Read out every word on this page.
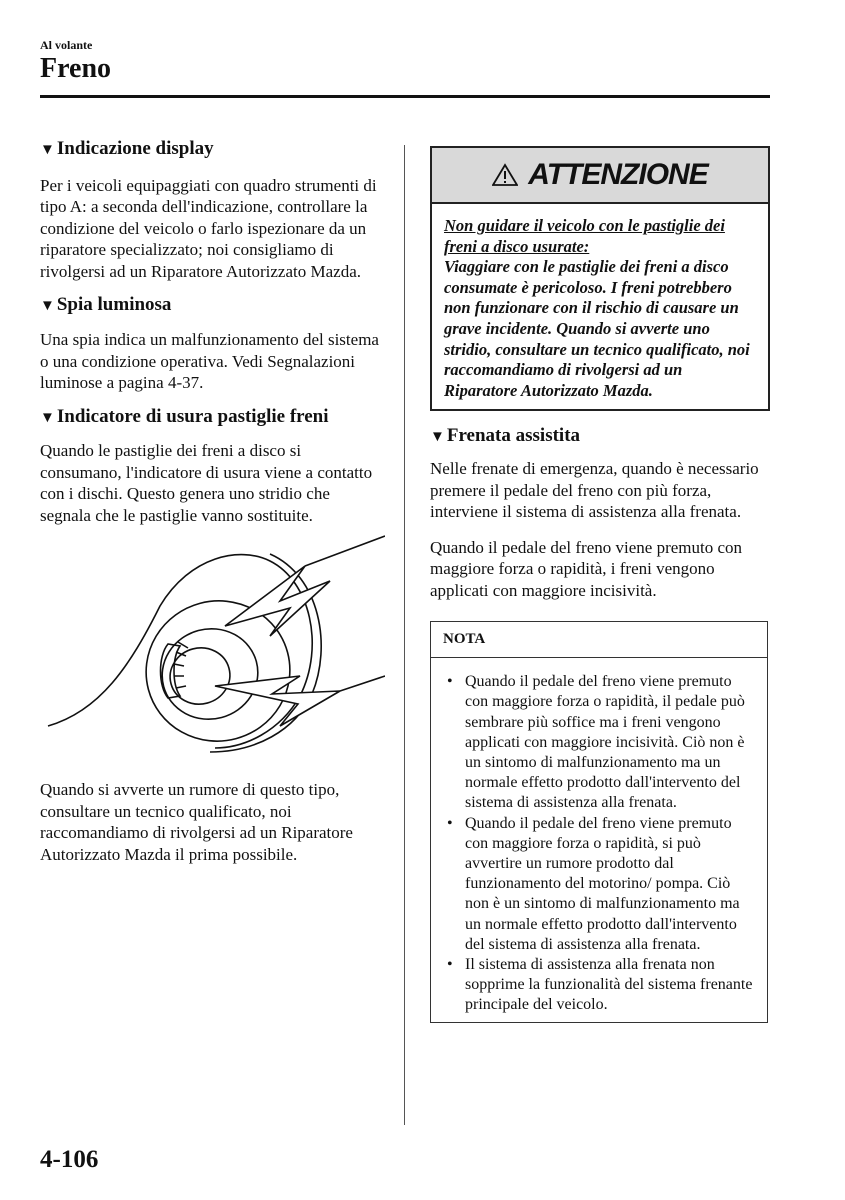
Al volante
Freno
▼ Indicazione display

Per i veicoli equipaggiati con quadro strumenti di tipo A: a seconda dell'indicazione, controllare la condizione del veicolo o farlo ispezionare da un riparatore specializzato; noi consigliamo di rivolgersi ad un Riparatore Autorizzato Mazda.

▼ Spia luminosa

Una spia indica un malfunzionamento del sistema o una condizione operativa. Vedi Segnalazioni luminose a pagina 4-37.

▼ Indicatore di usura pastiglie freni

Quando le pastiglie dei freni a disco si consumano, l'indicatore di usura viene a contatto con i dischi. Questo genera uno stridio che segnala che le pastiglie vanno sostituite.

Quando si avverte un rumore di questo tipo, consultare un tecnico qualificato, noi raccomandiamo di rivolgersi ad un Riparatore Autorizzato Mazda il prima possibile.

ATTENZIONE
Non guidare il veicolo con le pastiglie dei freni a disco usurate:
Viaggiare con le pastiglie dei freni a disco consumate è pericoloso. I freni potrebbero non funzionare con il rischio di causare un grave incidente. Quando si avverte uno stridio, consultare un tecnico qualificato, noi raccomandiamo di rivolgersi ad un Riparatore Autorizzato Mazda.
▼ Frenata assistita

Nelle frenate di emergenza, quando è necessario premere il pedale del freno con più forza, interviene il sistema di assistenza alla frenata.

Quando il pedale del freno viene premuto con maggiore forza o rapidità, i freni vengono applicati con maggiore incisività.

NOTA
• Quando il pedale del freno viene premuto con maggiore forza o rapidità, il pedale può sembrare più soffice ma i freni vengono applicati con maggiore incisività. Ciò non è un sintomo di malfunzionamento ma un normale effetto prodotto dall'intervento del sistema di assistenza alla frenata.
• Quando il pedale del freno viene premuto con maggiore forza o rapidità, si può avvertire un rumore prodotto dal funzionamento del motorino/ pompa. Ciò non è un sintomo di malfunzionamento ma un normale effetto prodotto dall'intervento del sistema di assistenza alla frenata.
• Il sistema di assistenza alla frenata non sopprime la funzionalità del sistema frenante principale del veicolo.
4-106
